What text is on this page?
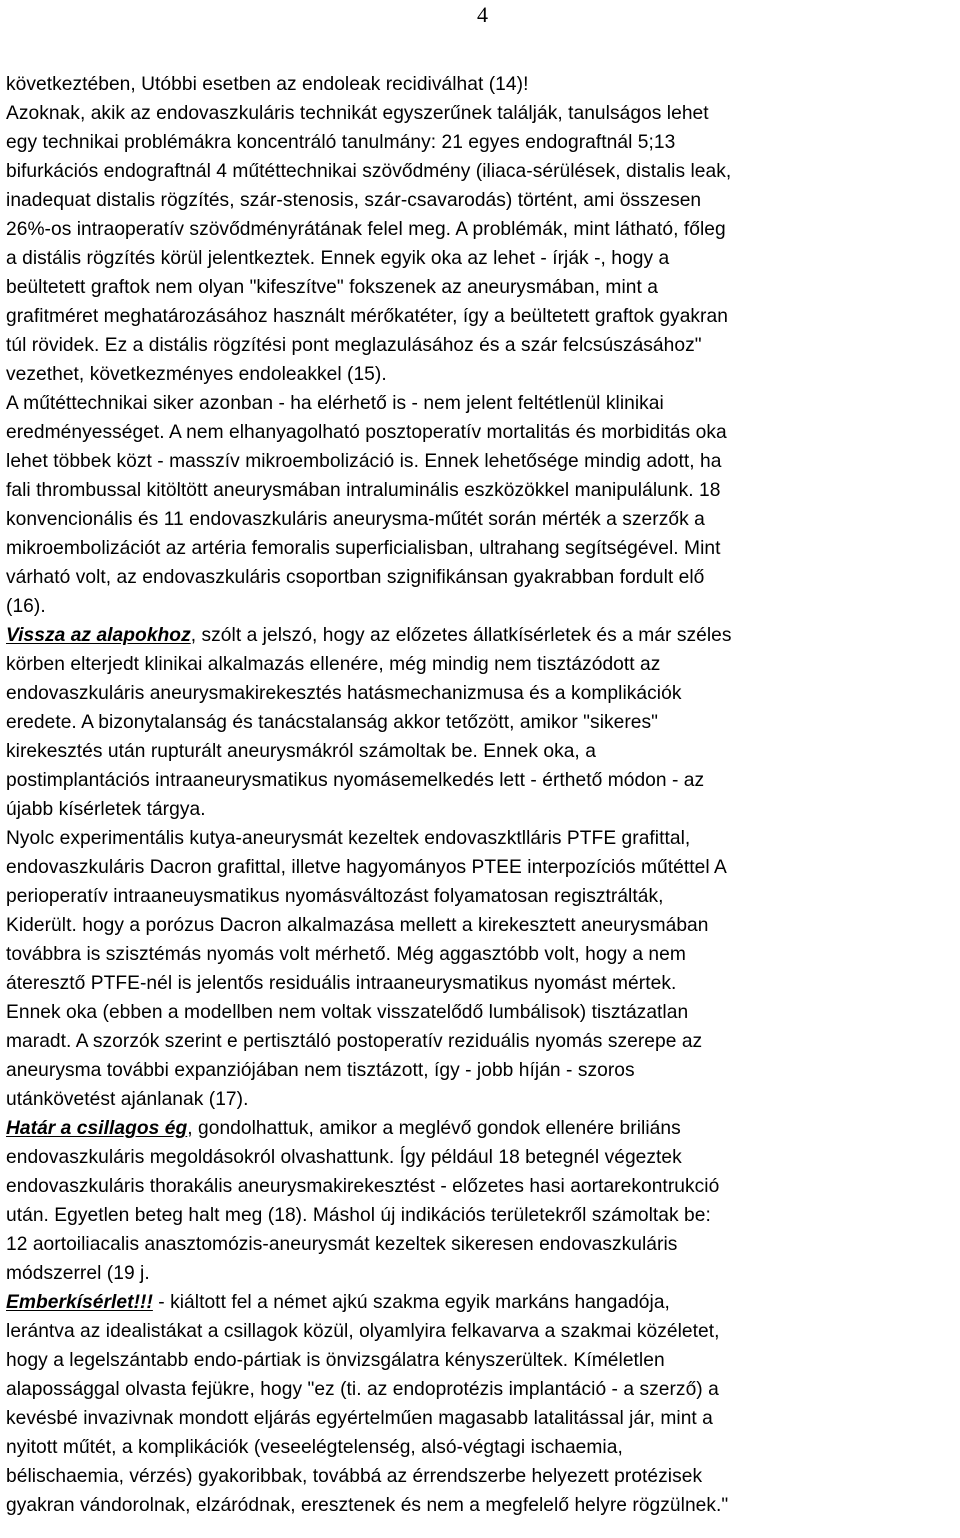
4

következtében, Utóbbi esetben az endoleak recidiválhat (14)!
Azoknak, akik az endovaszkuláris technikát egyszerűnek találják, tanulságos lehet
egy technikai problémákra koncentráló tanulmány: 21 egyes endograftnál 5;13
bifurkációs endograftnál 4 műtéttechnikai szövődmény (iliaca-sérülések, distalis leak,
inadequat distalis rögzítés, szár-stenosis, szár-csavarodás) történt, ami összesen
26%-os intraoperatív szövődményrátának felel meg. A problémák, mint látható, főleg
a distális rögzítés körül jelentkeztek. Ennek egyik oka az lehet - írják -, hogy a
beültetett graftok nem olyan "kifeszítve" fokszenek az aneurysmában, mint a
grafitméret meghatározásához használt mérőkatéter, így a beültetett graftok gyakran
túl rövidek. Ez a distális rögzítési pont meglazulásához és a szár felcsúszásához"
vezethet, következményes endoleakkel (15).
A műtéttechnikai siker azonban - ha elérhető is - nem jelent feltétlenül klinikai
eredményességet. A nem elhanyagolható posztoperatív mortalitás és morbiditás oka
lehet többek közt - masszív mikroembolizáció is. Ennek lehetősége mindig adott, ha
fali thrombussal kitöltött aneurysmában intraluminális eszközökkel manipulálunk. 18
konvencionális és 11 endovaszkuláris aneurysma-műtét során mérték a szerzők a
mikroembolizációt az artéria femoralis superficialisban, ultrahang segítségével. Mint
várható volt, az endovaszkuláris csoportban szignifikánsan gyakrabban fordult elő
(16).

Vissza az alapokhoz, szólt a jelszó, hogy az előzetes állatkísérletek és a már széles
körben elterjedt klinikai alkalmazás ellenére, még mindig nem tisztázódott az
endovaszkuláris aneurysmakirekesztés hatásmechanizmusa és a komplikációk
eredete. A bizonytalanság és tanácstalanság akkor tetőzött, amikor "sikeres"
kirekesztés után rupturált aneurysmákról számoltak be. Ennek oka, a
postimplantációs intraaneurysmatikus nyomásemelkedés lett - érthető módon - az
újabb kísérletek tárgya.
Nyolc experimentális kutya-aneurysmát kezeltek endovaszktlláris PTFE grafittal,
endovaszkuláris Dacron grafittal, illetve hagyományos PTEE interpozíciós műtéttel A
perioperatív intraaneuysmatikus nyomásváltozást folyamatosan regisztrálták,
Kiderült. hogy a porózus Dacron alkalmazása mellett a kirekesztett aneurysmában
továbbra is szisztémás nyomás volt mérhető. Még aggasztóbb volt, hogy a nem
áteresztő PTFE-nél is jelentős residuális intraaneurysmatikus nyomást mértek.
Ennek oka (ebben a modellben nem voltak visszatelődő lumbálisok) tisztázatlan
maradt. A szorzók szerint e pertisztáló postoperatív reziduális nyomás szerepe az
aneurysma további expanziójában nem tisztázott, így - jobb híján - szoros
utánkövetést ajánlanak (17).

Határ a csillagos ég, gondolhattuk, amikor a meglévő gondok ellenére briliáns
endovaszkuláris megoldásokról olvashattunk. Így például 18 betegnél végeztek
endovaszkuláris thorakális aneurysmakirekesztést - előzetes hasi aortarekontrukció
után. Egyetlen beteg halt meg (18). Máshol új indikációs területekről számoltak be:
12 aortoiliacalis anasztomózis-aneurysmát kezeltek sikeresen endovaszkuláris
módszerrel (19 j.

Emberkísérlet!!! - kiáltott fel a német ajkú szakma egyik markáns hangadója,
lerántva az idealistákat a csillagok közül, olyamlyira felkavarva a szakmai közéletet,
hogy a legelszántabb endo-pártiak is önvizsgálatra kényszerültek. Kíméletlen
alapossággal olvasta fejükre, hogy "ez (ti. az endoprotézis implantáció - a szerző) a
kevésbé invazivnak mondott eljárás egyértelműen magasabb latalitással jár, mint a
nyitott műtét, a komplikációk (veseelégtelenség, alsó-végtagi ischaemia,
bélischaemia, vérzés) gyakoribbak, továbbá az érrendszerbe helyezett protézisek
gyakran vándorolnak, elzáródnak, eresztenek és nem a megfelelő helyre rögzülnek."
